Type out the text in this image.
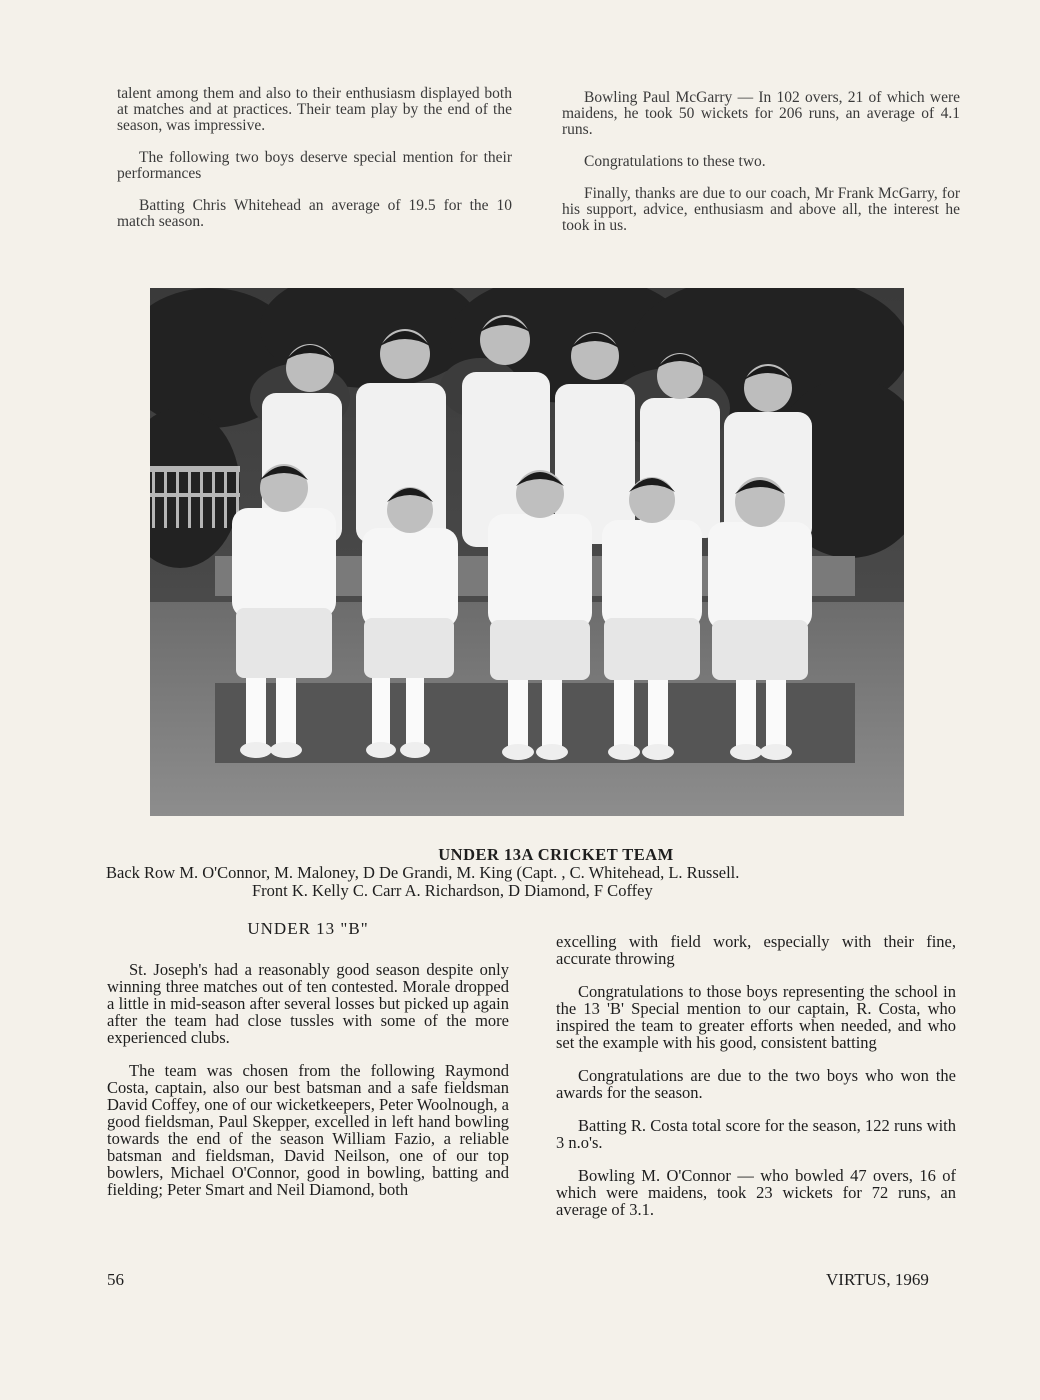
talent among them and also to their enthusiasm displayed both at matches and at practices. Their team play by the end of the season, was impressive.

The following two boys deserve special mention for their performances

Batting Chris Whitehead an average of 19.5 for the 10 match season.

Bowling Paul McGarry — In 102 overs, 21 of which were maidens, he took 50 wickets for 206 runs, an average of 4.1 runs.

Congratulations to these two.

Finally, thanks are due to our coach, Mr Frank McGarry, for his support, advice, enthusiasm and above all, the interest he took in us.

UNDER 13A CRICKET TEAM
Back Row M. O'Connor, M. Maloney, D De Grandi, M. King (Capt. , C. Whitehead, L. Russell.
Front K. Kelly C. Carr A. Richardson, D Diamond, F Coffey

UNDER 13 "B"

St. Joseph's had a reasonably good season despite only winning three matches out of ten contested. Morale dropped a little in mid-season after several losses but picked up again after the team had close tussles with some of the more experienced clubs.

The team was chosen from the following Raymond Costa, captain, also our best batsman and a safe fieldsman David Coffey, one of our wicketkeepers, Peter Woolnough, a good fieldsman, Paul Skepper, excelled in left hand bowling towards the end of the season William Fazio, a reliable batsman and fieldsman, David Neilson, one of our top bowlers, Michael O'Connor, good in bowling, batting and fielding; Peter Smart and Neil Diamond, both

excelling with field work, especially with their fine, accurate throwing

Congratulations to those boys representing the school in the 13 'B' Special mention to our captain, R. Costa, who inspired the team to greater efforts when needed, and who set the example with his good, consistent batting

Congratulations are due to the two boys who won the awards for the season.

Batting R. Costa total score for the season, 122 runs with 3 n.o's.

Bowling M. O'Connor — who bowled 47 overs, 16 of which were maidens, took 23 wickets for 72 runs, an average of 3.1.

56	VIRTUS, 1969
